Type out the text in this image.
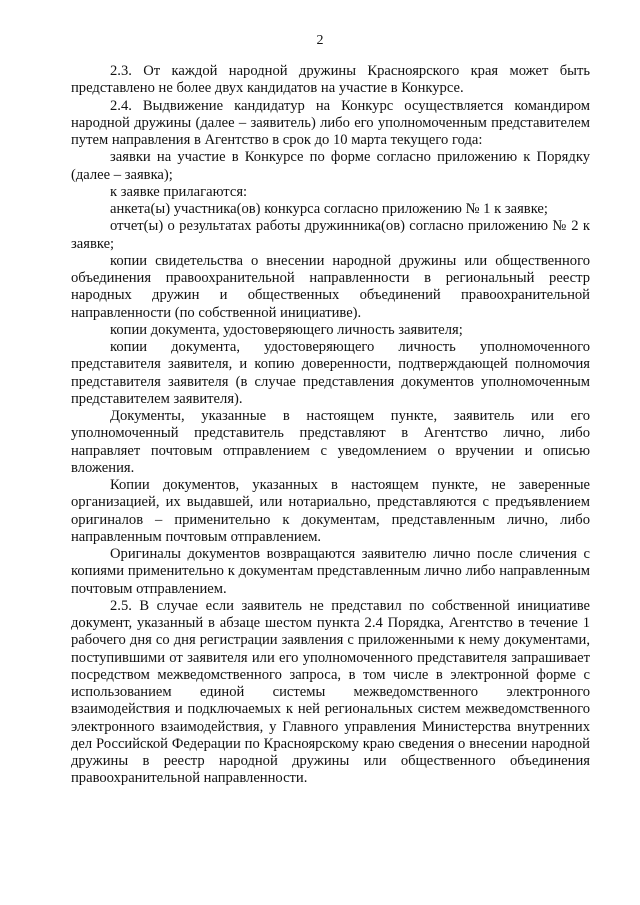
2

2.3. От каждой народной дружины Красноярского края может быть представлено не более двух кандидатов на участие в Конкурсе.

2.4. Выдвижение кандидатур на Конкурс осуществляется командиром народной дружины (далее – заявитель) либо его уполномоченным представителем путем направления в Агентство в срок до 10 марта текущего года:

заявки на участие в Конкурсе по форме согласно приложению к Порядку (далее – заявка);

к заявке прилагаются:

анкета(ы) участника(ов) конкурса согласно приложению № 1 к заявке;

отчет(ы) о результатах работы дружинника(ов) согласно приложению № 2 к заявке;

копии свидетельства о внесении народной дружины или общественного объединения правоохранительной направленности в региональный реестр народных дружин и общественных объединений правоохранительной направленности (по собственной инициативе).

копии документа, удостоверяющего личность заявителя;

копии документа, удостоверяющего личность уполномоченного представителя заявителя, и копию доверенности, подтверждающей полномочия представителя заявителя (в случае представления документов уполномоченным представителем заявителя).

Документы, указанные в настоящем пункте, заявитель или его уполномоченный представитель представляют в Агентство лично, либо направляет почтовым отправлением с уведомлением о вручении и описью вложения.

Копии документов, указанных в настоящем пункте, не заверенные организацией, их выдавшей, или нотариально, представляются с предъявлением оригиналов – применительно к документам, представленным лично, либо направленным почтовым отправлением.

Оригиналы документов возвращаются заявителю лично после сличения с копиями применительно к документам представленным лично либо направленным почтовым отправлением.

2.5. В случае если заявитель не представил по собственной инициативе документ, указанный в абзаце шестом пункта 2.4 Порядка, Агентство в течение 1 рабочего дня со дня регистрации заявления с приложенными к нему документами, поступившими от заявителя или его уполномоченного представителя запрашивает посредством межведомственного запроса, в том числе в электронной форме с использованием единой системы межведомственного электронного взаимодействия и подключаемых к ней региональных систем межведомственного электронного взаимодействия, у Главного управления Министерства внутренних дел Российской Федерации по Красноярскому краю сведения о внесении народной дружины в реестр народной дружины или общественного объединения правоохранительной направленности.
